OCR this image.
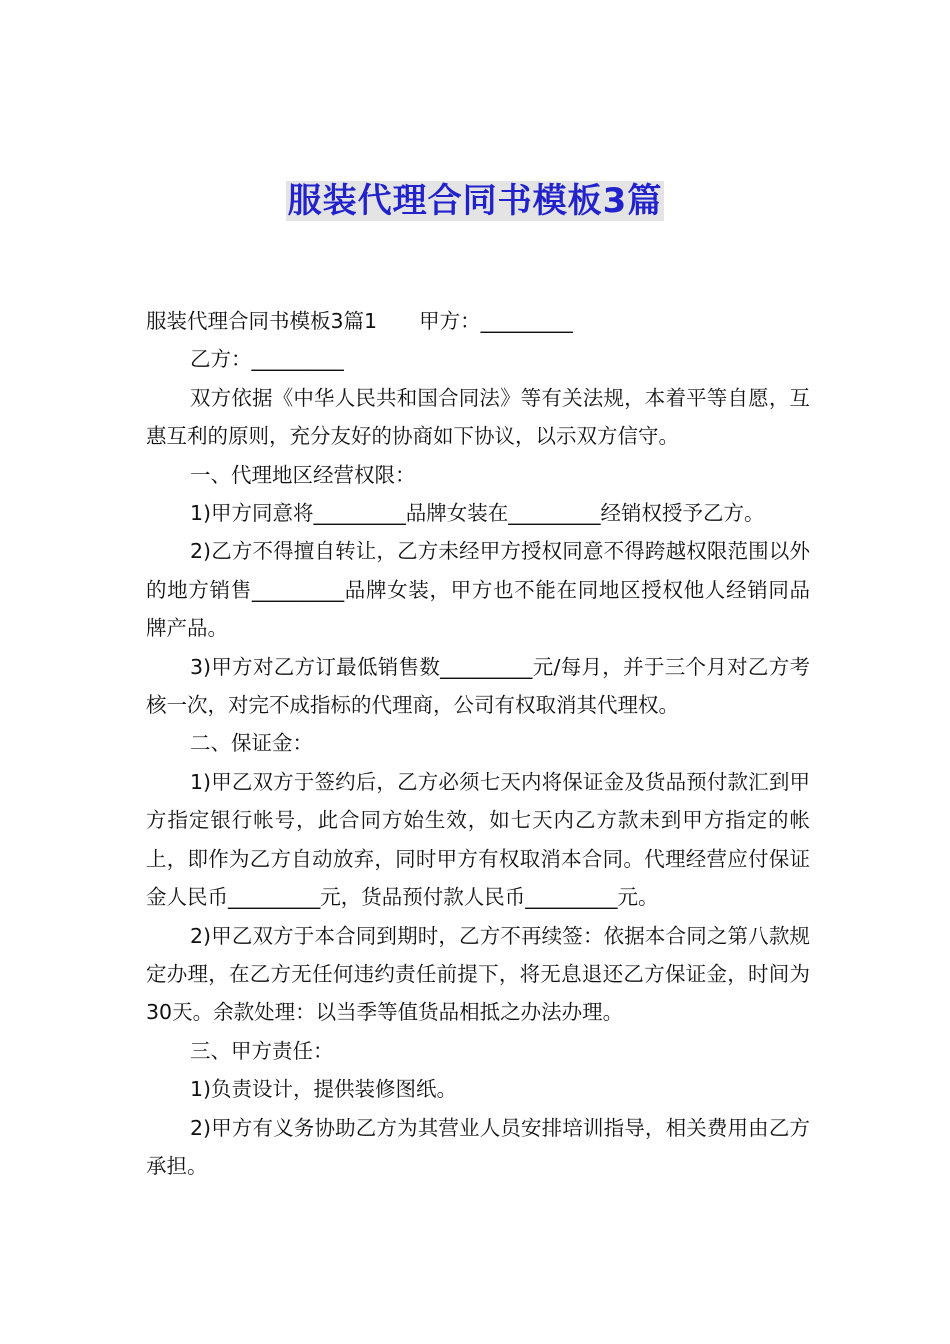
服装代理合同书模板3篇

服装代理合同书模板3篇1 甲方：_________

乙方：_________

双方依据《中华人民共和国合同法》等有关法规，本着平等自愿，互惠互利的原则，充分友好的协商如下协议，以示双方信守。

一、代理地区经营权限：

1)甲方同意将_________品牌女装在_________经销权授予乙方。

2)乙方不得擅自转让，乙方未经甲方授权同意不得跨越权限范围以外的地方销售_________品牌女装，甲方也不能在同地区授权他人经销同品牌产品。

3)甲方对乙方订最低销售数_________元/每月，并于三个月对乙方考核一次，对完不成指标的代理商，公司有权取消其代理权。

二、保证金：

1)甲乙双方于签约后，乙方必须七天内将保证金及货品预付款汇到甲方指定银行帐号，此合同方始生效，如七天内乙方款未到甲方指定的帐上，即作为乙方自动放弃，同时甲方有权取消本合同。代理经营应付保证金人民币_________元，货品预付款人民币_________元。

2)甲乙双方于本合同到期时，乙方不再续签：依据本合同之第八款规定办理，在乙方无任何违约责任前提下，将无息退还乙方保证金，时间为30天。余款处理：以当季等值货品相抵之办法办理。

三、甲方责任：

1)负责设计，提供装修图纸。

2)甲方有义务协助乙方为其营业人员安排培训指导，相关费用由乙方承担。
